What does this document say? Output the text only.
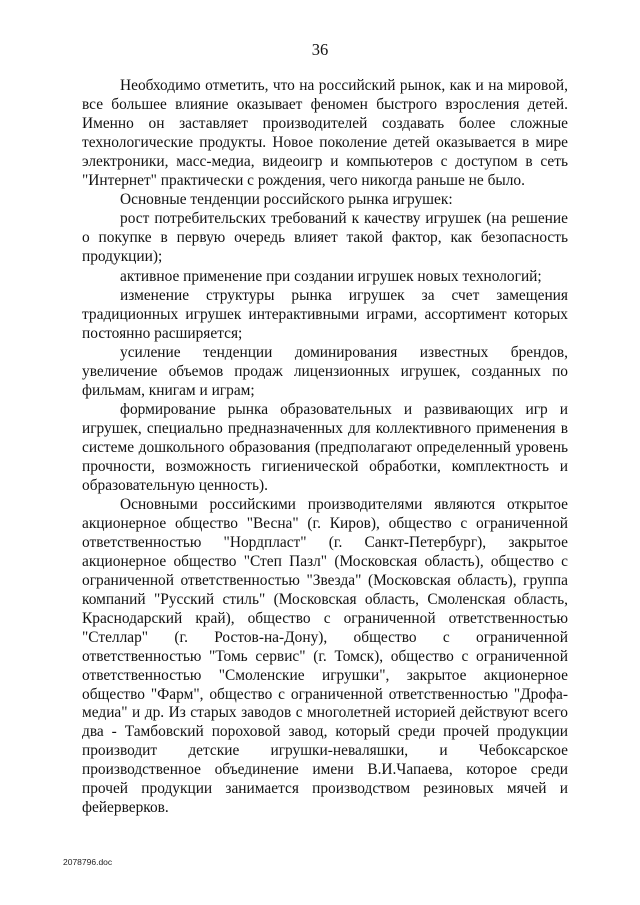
36

Необходимо отметить, что на российский рынок, как и на мировой, все большее влияние оказывает феномен быстрого взросления детей. Именно он заставляет производителей создавать более сложные технологические продукты. Новое поколение детей оказывается в мире электроники, масс-медиа, видеоигр и компьютеров с доступом в сеть "Интернет" практически с рождения, чего никогда раньше не было.

Основные тенденции российского рынка игрушек:

рост потребительских требований к качеству игрушек (на решение о покупке в первую очередь влияет такой фактор, как безопасность продукции);

активное применение при создании игрушек новых технологий;

изменение структуры рынка игрушек за счет замещения традиционных игрушек интерактивными играми, ассортимент которых постоянно расширяется;

усиление тенденции доминирования известных брендов, увеличение объемов продаж лицензионных игрушек, созданных по фильмам, книгам и играм;

формирование рынка образовательных и развивающих игр и игрушек, специально предназначенных для коллективного применения в системе дошкольного образования (предполагают определенный уровень прочности, возможность гигиенической обработки, комплектность и образовательную ценность).

Основными российскими производителями являются открытое акционерное общество "Весна" (г. Киров), общество с ограниченной ответственностью "Нордпласт" (г. Санкт-Петербург), закрытое акционерное общество "Степ Пазл" (Московская область), общество с ограниченной ответственностью "Звезда" (Московская область), группа компаний "Русский стиль" (Московская область, Смоленская область, Краснодарский край), общество с ограниченной ответственностью "Стеллар" (г. Ростов-на-Дону), общество с ограниченной ответственностью "Томь сервис" (г. Томск), общество с ограниченной ответственностью "Смоленские игрушки", закрытое акционерное общество "Фарм", общество с ограниченной ответственностью "Дрофа-медиа" и др. Из старых заводов с многолетней историей действуют всего два - Тамбовский пороховой завод, который среди прочей продукции производит детские игрушки-неваляшки, и Чебоксарское производственное объединение имени В.И.Чапаева, которое среди прочей продукции занимается производством резиновых мячей и фейерверков.

2078796.doc
